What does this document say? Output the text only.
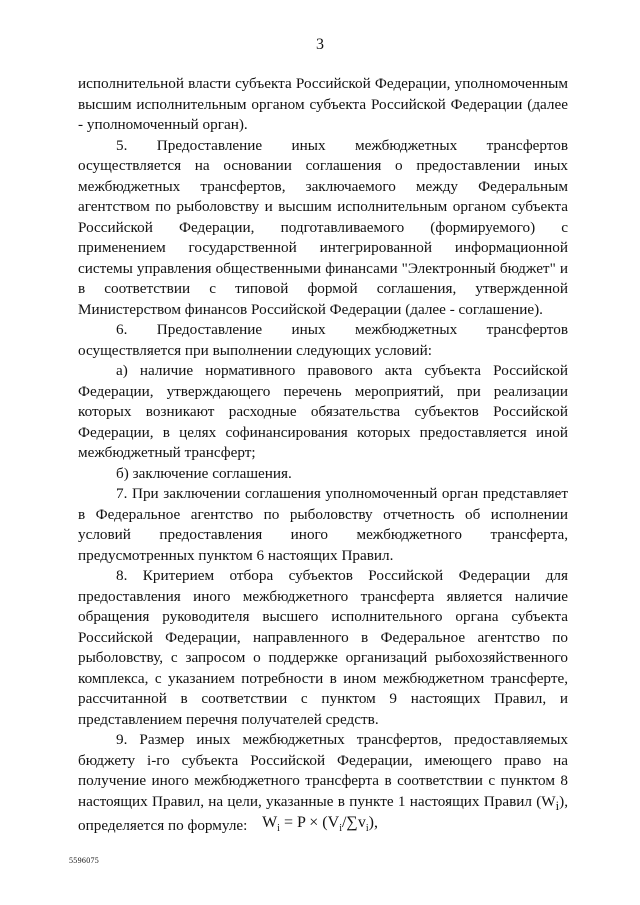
3

исполнительной власти субъекта Российской Федерации, уполномоченным высшим исполнительным органом субъекта Российской Федерации (далее - уполномоченный орган).

5. Предоставление иных межбюджетных трансфертов осуществляется на основании соглашения о предоставлении иных межбюджетных трансфертов, заключаемого между Федеральным агентством по рыболовству и высшим исполнительным органом субъекта Российской Федерации, подготавливаемого (формируемого) с применением государственной интегрированной информационной системы управления общественными финансами "Электронный бюджет" и в соответствии с типовой формой соглашения, утвержденной Министерством финансов Российской Федерации (далее - соглашение).

6. Предоставление иных межбюджетных трансфертов осуществляется при выполнении следующих условий:

а) наличие нормативного правового акта субъекта Российской Федерации, утверждающего перечень мероприятий, при реализации которых возникают расходные обязательства субъектов Российской Федерации, в целях софинансирования которых предоставляется иной межбюджетный трансферт;

б) заключение соглашения.

7. При заключении соглашения уполномоченный орган представляет в Федеральное агентство по рыболовству отчетность об исполнении условий предоставления иного межбюджетного трансферта, предусмотренных пунктом 6 настоящих Правил.

8. Критерием отбора субъектов Российской Федерации для предоставления иного межбюджетного трансферта является наличие обращения руководителя высшего исполнительного органа субъекта Российской Федерации, направленного в Федеральное агентство по рыболовству, с запросом о поддержке организаций рыбохозяйственного комплекса, с указанием потребности в ином межбюджетном трансферте, рассчитанной в соответствии с пунктом 9 настоящих Правил, и представлением перечня получателей средств.

9. Размер иных межбюджетных трансфертов, предоставляемых бюджету i-го субъекта Российской Федерации, имеющего право на получение иного межбюджетного трансферта в соответствии с пунктом 8 настоящих Правил, на цели, указанные в пункте 1 настоящих Правил $(W_i)$, определяется по формуле: $W_i = P \times (V_i/\sum v_i)$,
5596075
